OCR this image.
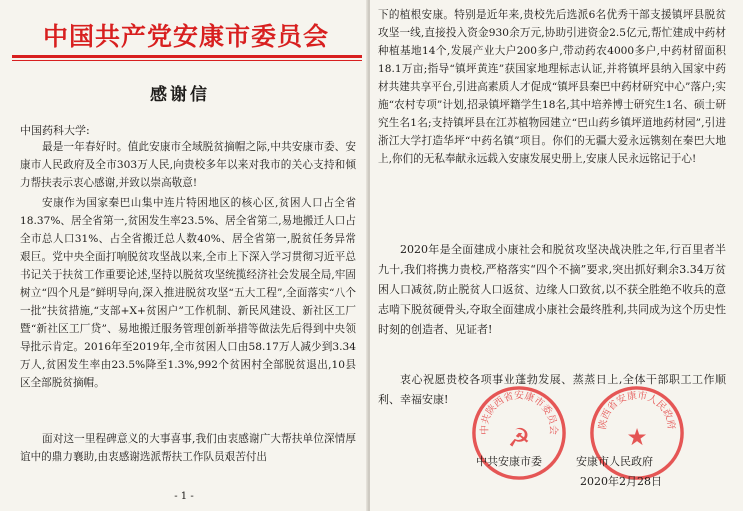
中国共产党安康市委员会
感谢信
中国药科大学:

最是一年春好时。值此安康市全域脱贫摘帽之际,中共安康市委、安康市人民政府及全市303万人民,向贵校多年以来对我市的关心支持和倾力帮扶表示衷心感谢,并致以崇高敬意!

安康作为国家秦巴山集中连片特困地区的核心区,贫困人口占全省18.37%、居全省第一,贫困发生率23.5%、居全省第二,易地搬迁人口占全市总人口31%、占全省搬迁总人数40%、居全省第一,脱贫任务异常艰巨。党中央全面打响脱贫攻坚战以来,全市上下深入学习贯彻习近平总书记关于扶贫工作重要论述,坚持以脱贫攻坚统揽经济社会发展全局,牢固树立“四个凡是”鲜明导向,深入推进脱贫攻坚“五大工程”,全面落实“八个一批”扶贫措施,“支部+X+贫困户”工作机制、新民风建设、新社区工厂暨“新社区工厂贷”、易地搬迁服务管理创新举措等做法先后得到中央领导批示肯定。2016年至2019年,全市贫困人口由58.17万人减少到3.34万人,贫困发生率由23.5%降至1.3%,992个贫困村全部脱贫退出,10县区全部脱贫摘帽。

面对这一里程碑意义的大事喜事,我们由衷感谢广大帮扶单位深情厚谊中的鼎力襄助,由衷感谢选派帮扶工作队员艰苦付出

- 1 -

下的植根安康。特别是近年来,贵校先后选派6名优秀干部支援镇坪县脱贫攻坚一线,直接投入资金930余万元,协助引进资金2.5亿元,帮忙建成中药材种植基地14个,发展产业大户200多户,带动药农4000多户,中药材留面积18.1万亩;指导“镇坪黄连”获国家地理标志认证,并将镇坪县纳入国家中药材共建共享平台,引进高素质人才促成“镇坪县秦巴中药材研究中心”落户;实施“农村专项”计划,招录镇坪籍学生18名,其中培养博士研究生1名、硕士研究生名1名;支持镇坪县在江苏植物园建立“巴山药乡镇坪道地药材园”,引进浙江大学打造华坪“中药名镇”项目。你们的无疆大爱永远镌刻在秦巴大地上,你们的无私奉献永远载入安康发展史册上,安康人民永远铭记于心!

2020年是全面建成小康社会和脱贫攻坚决战决胜之年,行百里者半九十,我们将携力贵校,严格落实“四个不摘”要求,突出抓好剩余3.34万贫困人口减贫,防止脱贫人口返贫、边缘人口致贫,以不获全胜绝不收兵的意志啃下脱贫硬骨头,夺取全面建成小康社会最终胜利,共同成为这个历史性时刻的创造者、见证者!

衷心祝愿贵校各项事业蓬勃发展、蒸蒸日上,全体干部职工工作顺利、幸福安康!

中共陕西省安康市委员会
☭	陕西省安康市人民政府
★
中共安康市委	安康市人民政府
2020年2月28日
